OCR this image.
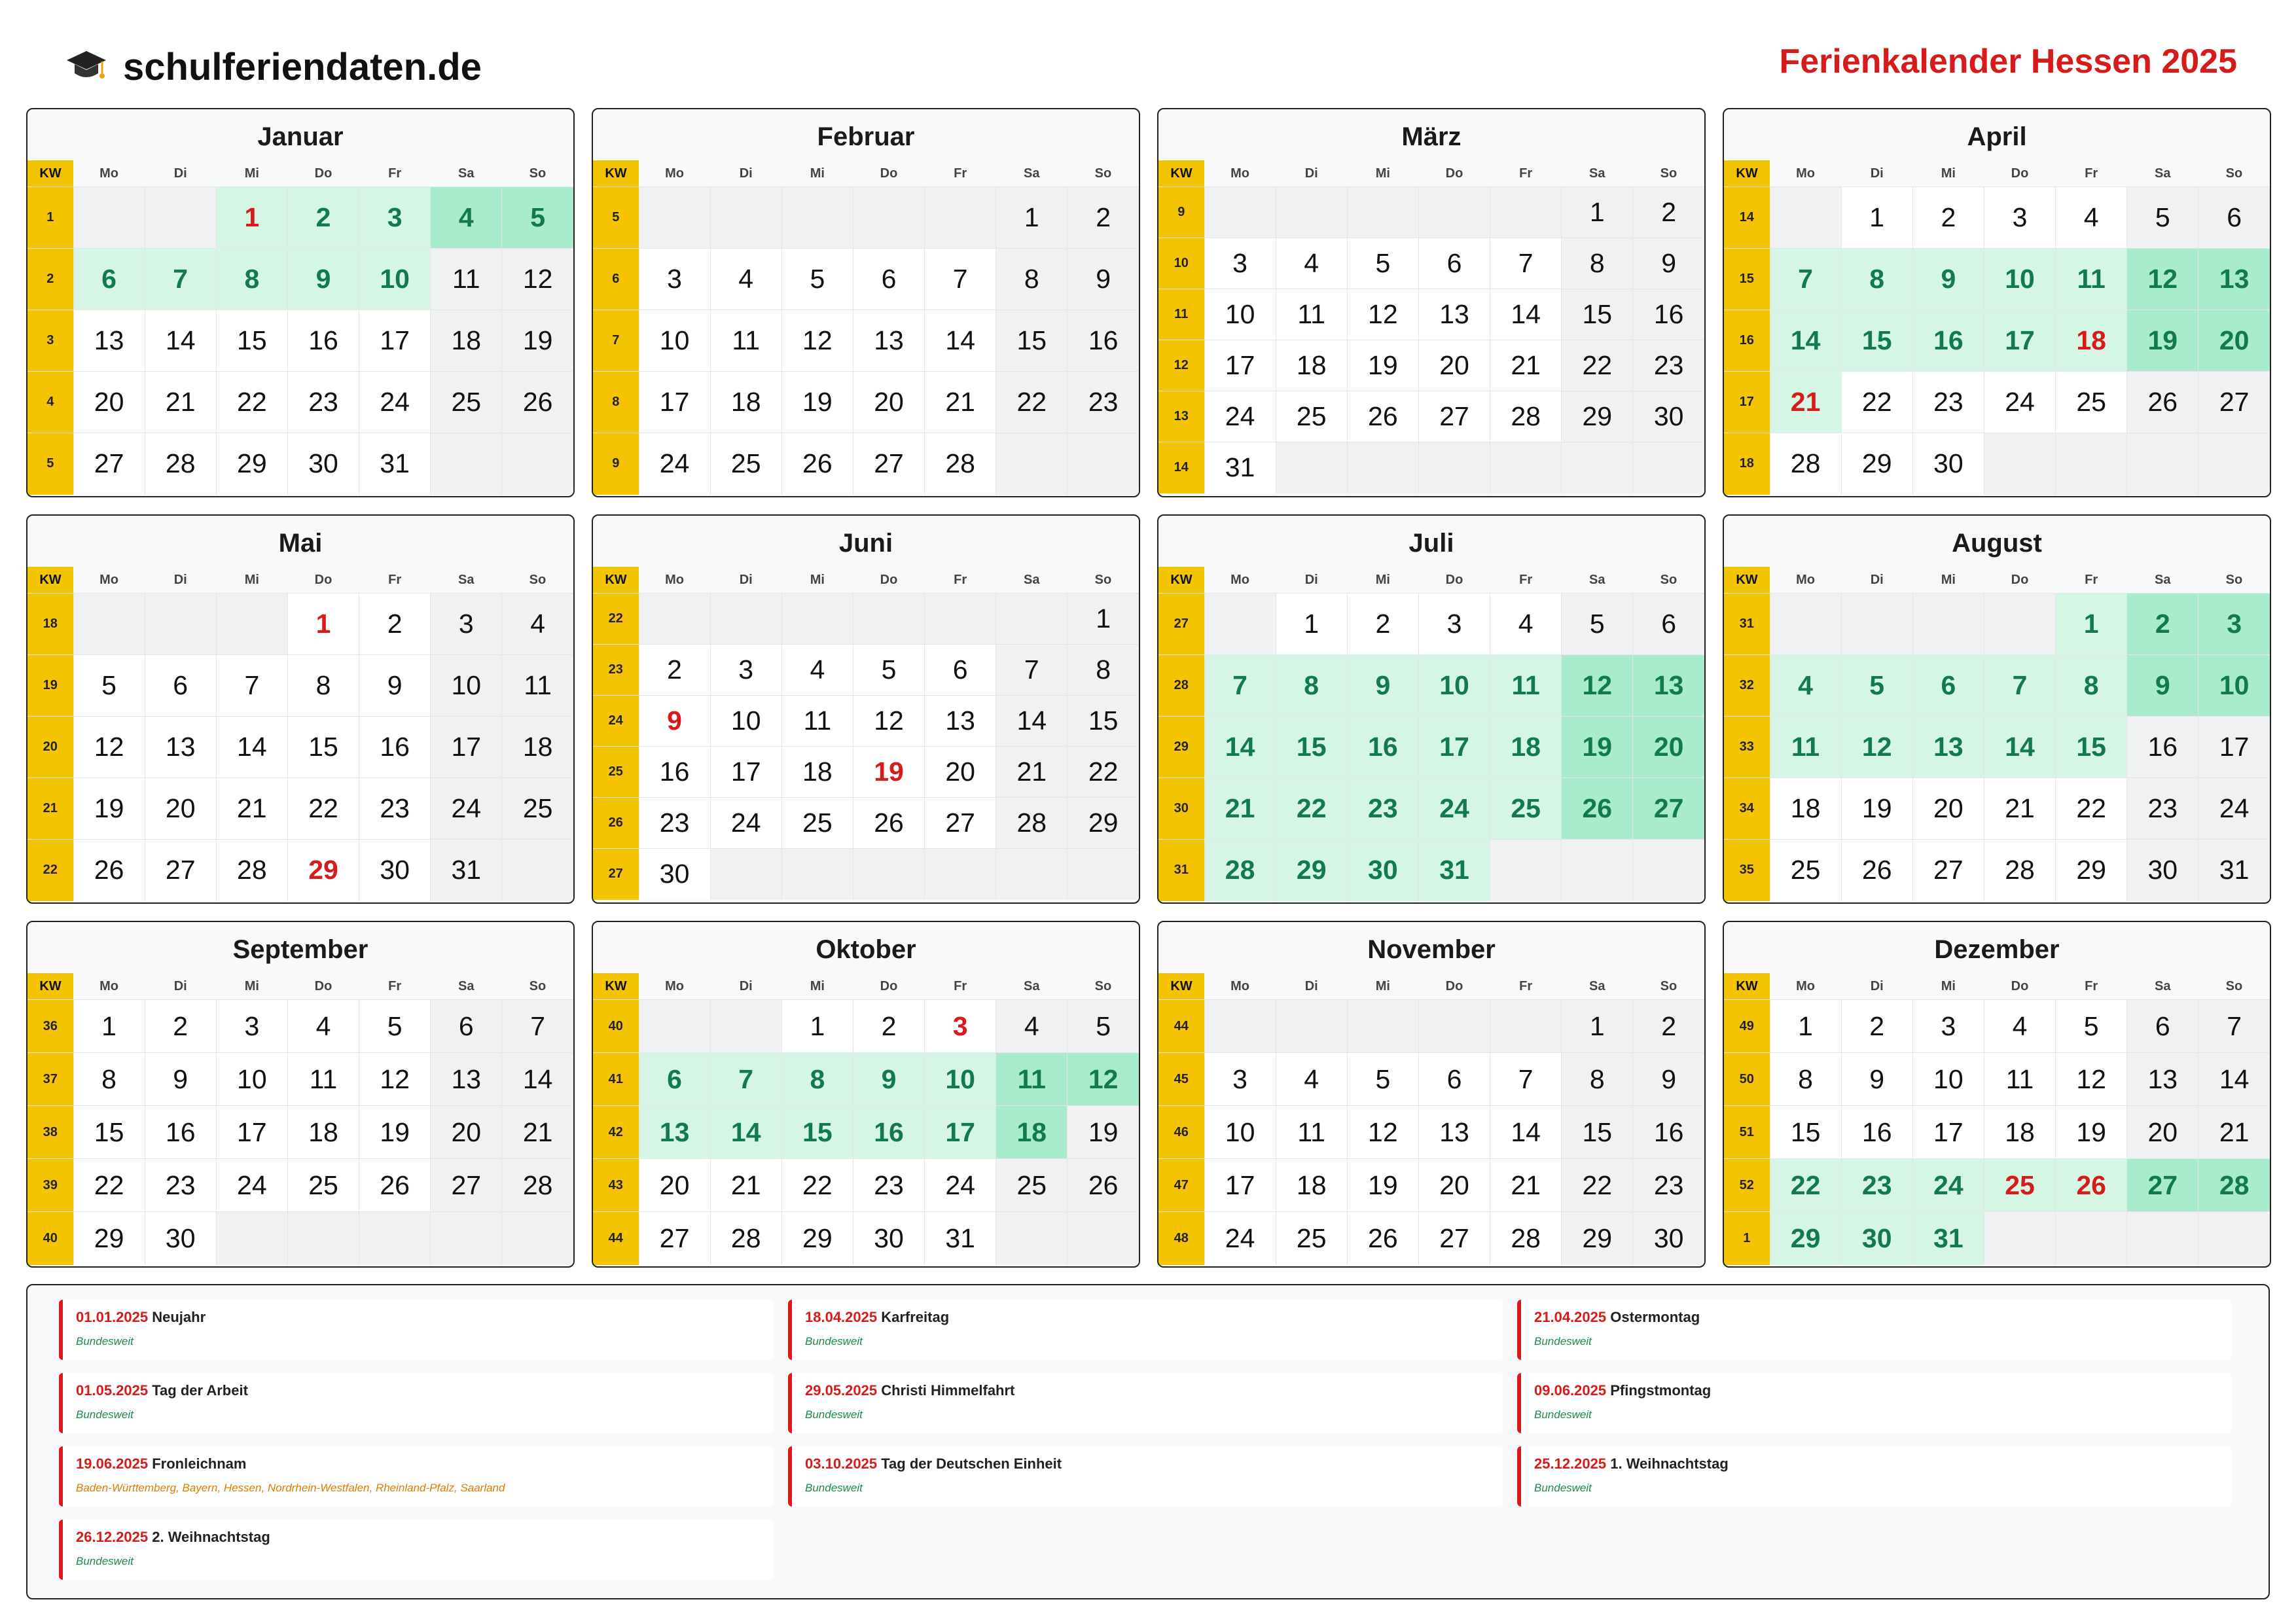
schulferiendaten.de	Ferienkalender Hessen 2025
Januar
KW	Mo	Di	Mi	Do	Fr	Sa	So
1			1	2	3	4	5
2	6	7	8	9	10	11	12
3	13	14	15	16	17	18	19
4	20	21	22	23	24	25	26
5	27	28	29	30	31		
Februar
KW	Mo	Di	Mi	Do	Fr	Sa	So
5						1	2
6	3	4	5	6	7	8	9
7	10	11	12	13	14	15	16
8	17	18	19	20	21	22	23
9	24	25	26	27	28		
März
KW	Mo	Di	Mi	Do	Fr	Sa	So
9						1	2
10	3	4	5	6	7	8	9
11	10	11	12	13	14	15	16
12	17	18	19	20	21	22	23
13	24	25	26	27	28	29	30
14	31						
April
KW	Mo	Di	Mi	Do	Fr	Sa	So
14		1	2	3	4	5	6
15	7	8	9	10	11	12	13
16	14	15	16	17	18	19	20
17	21	22	23	24	25	26	27
18	28	29	30				
Mai
KW	Mo	Di	Mi	Do	Fr	Sa	So
18				1	2	3	4
19	5	6	7	8	9	10	11
20	12	13	14	15	16	17	18
21	19	20	21	22	23	24	25
22	26	27	28	29	30	31	
Juni
KW	Mo	Di	Mi	Do	Fr	Sa	So
22							1
23	2	3	4	5	6	7	8
24	9	10	11	12	13	14	15
25	16	17	18	19	20	21	22
26	23	24	25	26	27	28	29
27	30						
Juli
KW	Mo	Di	Mi	Do	Fr	Sa	So
27		1	2	3	4	5	6
28	7	8	9	10	11	12	13
29	14	15	16	17	18	19	20
30	21	22	23	24	25	26	27
31	28	29	30	31			
August
KW	Mo	Di	Mi	Do	Fr	Sa	So
31					1	2	3
32	4	5	6	7	8	9	10
33	11	12	13	14	15	16	17
34	18	19	20	21	22	23	24
35	25	26	27	28	29	30	31
September
KW	Mo	Di	Mi	Do	Fr	Sa	So
36	1	2	3	4	5	6	7
37	8	9	10	11	12	13	14
38	15	16	17	18	19	20	21
39	22	23	24	25	26	27	28
40	29	30					
Oktober
KW	Mo	Di	Mi	Do	Fr	Sa	So
40			1	2	3	4	5
41	6	7	8	9	10	11	12
42	13	14	15	16	17	18	19
43	20	21	22	23	24	25	26
44	27	28	29	30	31		
November
KW	Mo	Di	Mi	Do	Fr	Sa	So
44						1	2
45	3	4	5	6	7	8	9
46	10	11	12	13	14	15	16
47	17	18	19	20	21	22	23
48	24	25	26	27	28	29	30
Dezember
KW	Mo	Di	Mi	Do	Fr	Sa	So
49	1	2	3	4	5	6	7
50	8	9	10	11	12	13	14
51	15	16	17	18	19	20	21
52	22	23	24	25	26	27	28
1	29	30	31				
01.01.2025 Neujahr
Bundesweit
18.04.2025 Karfreitag
Bundesweit
21.04.2025 Ostermontag
Bundesweit
01.05.2025 Tag der Arbeit
Bundesweit
29.05.2025 Christi Himmelfahrt
Bundesweit
09.06.2025 Pfingstmontag
Bundesweit
19.06.2025 Fronleichnam
Baden-Württemberg, Bayern, Hessen, Nordrhein-Westfalen, Rheinland-Pfalz, Saarland
03.10.2025 Tag der Deutschen Einheit
Bundesweit
25.12.2025 1. Weihnachtstag
Bundesweit
26.12.2025 2. Weihnachtstag
Bundesweit
